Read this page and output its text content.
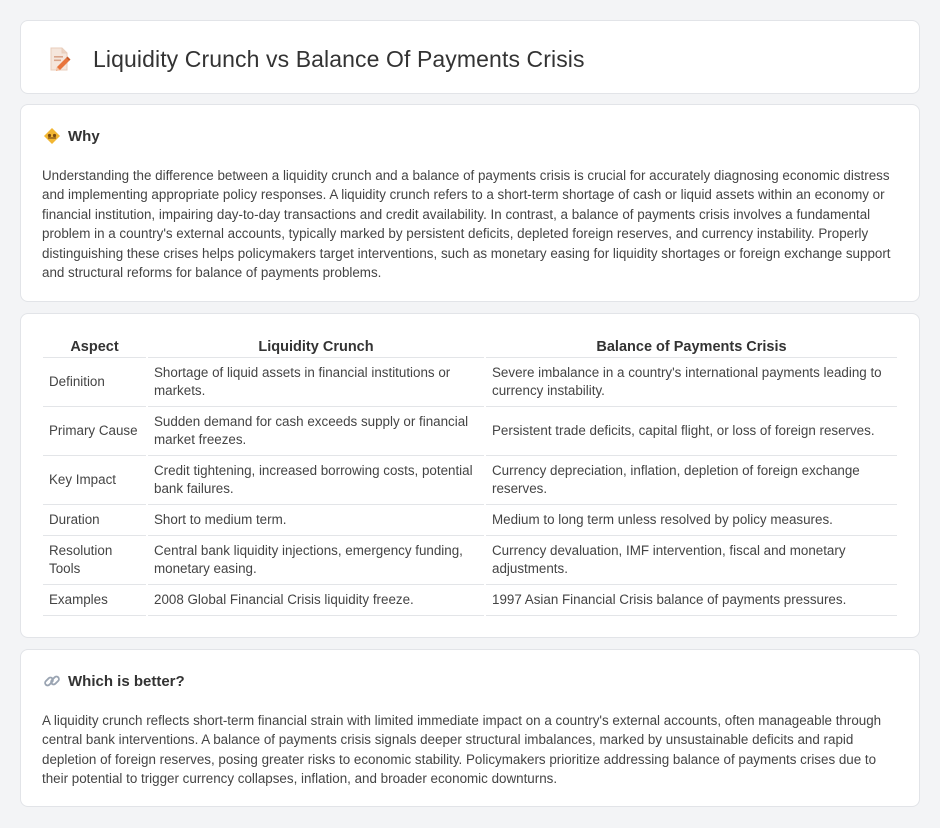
Liquidity Crunch vs Balance Of Payments Crisis
Why

Understanding the difference between a liquidity crunch and a balance of payments crisis is crucial for accurately diagnosing economic distress and implementing appropriate policy responses. A liquidity crunch refers to a short-term shortage of cash or liquid assets within an economy or financial institution, impairing day-to-day transactions and credit availability. In contrast, a balance of payments crisis involves a fundamental problem in a country's external accounts, typically marked by persistent deficits, depleted foreign reserves, and currency instability. Properly distinguishing these crises helps policymakers target interventions, such as monetary easing for liquidity shortages or foreign exchange support and structural reforms for balance of payments problems.

Aspect	Liquidity Crunch	Balance of Payments Crisis
Definition	Shortage of liquid assets in financial institutions or markets.	Severe imbalance in a country's international payments leading to currency instability.
Primary Cause	Sudden demand for cash exceeds supply or financial market freezes.	Persistent trade deficits, capital flight, or loss of foreign reserves.
Key Impact	Credit tightening, increased borrowing costs, potential bank failures.	Currency depreciation, inflation, depletion of foreign exchange reserves.
Duration	Short to medium term.	Medium to long term unless resolved by policy measures.
Resolution Tools	Central bank liquidity injections, emergency funding, monetary easing.	Currency devaluation, IMF intervention, fiscal and monetary adjustments.
Examples	2008 Global Financial Crisis liquidity freeze.	1997 Asian Financial Crisis balance of payments pressures.
Which is better?

A liquidity crunch reflects short-term financial strain with limited immediate impact on a country's external accounts, often manageable through central bank interventions. A balance of payments crisis signals deeper structural imbalances, marked by unsustainable deficits and rapid depletion of foreign reserves, posing greater risks to economic stability. Policymakers prioritize addressing balance of payments crises due to their potential to trigger currency collapses, inflation, and broader economic downturns.
